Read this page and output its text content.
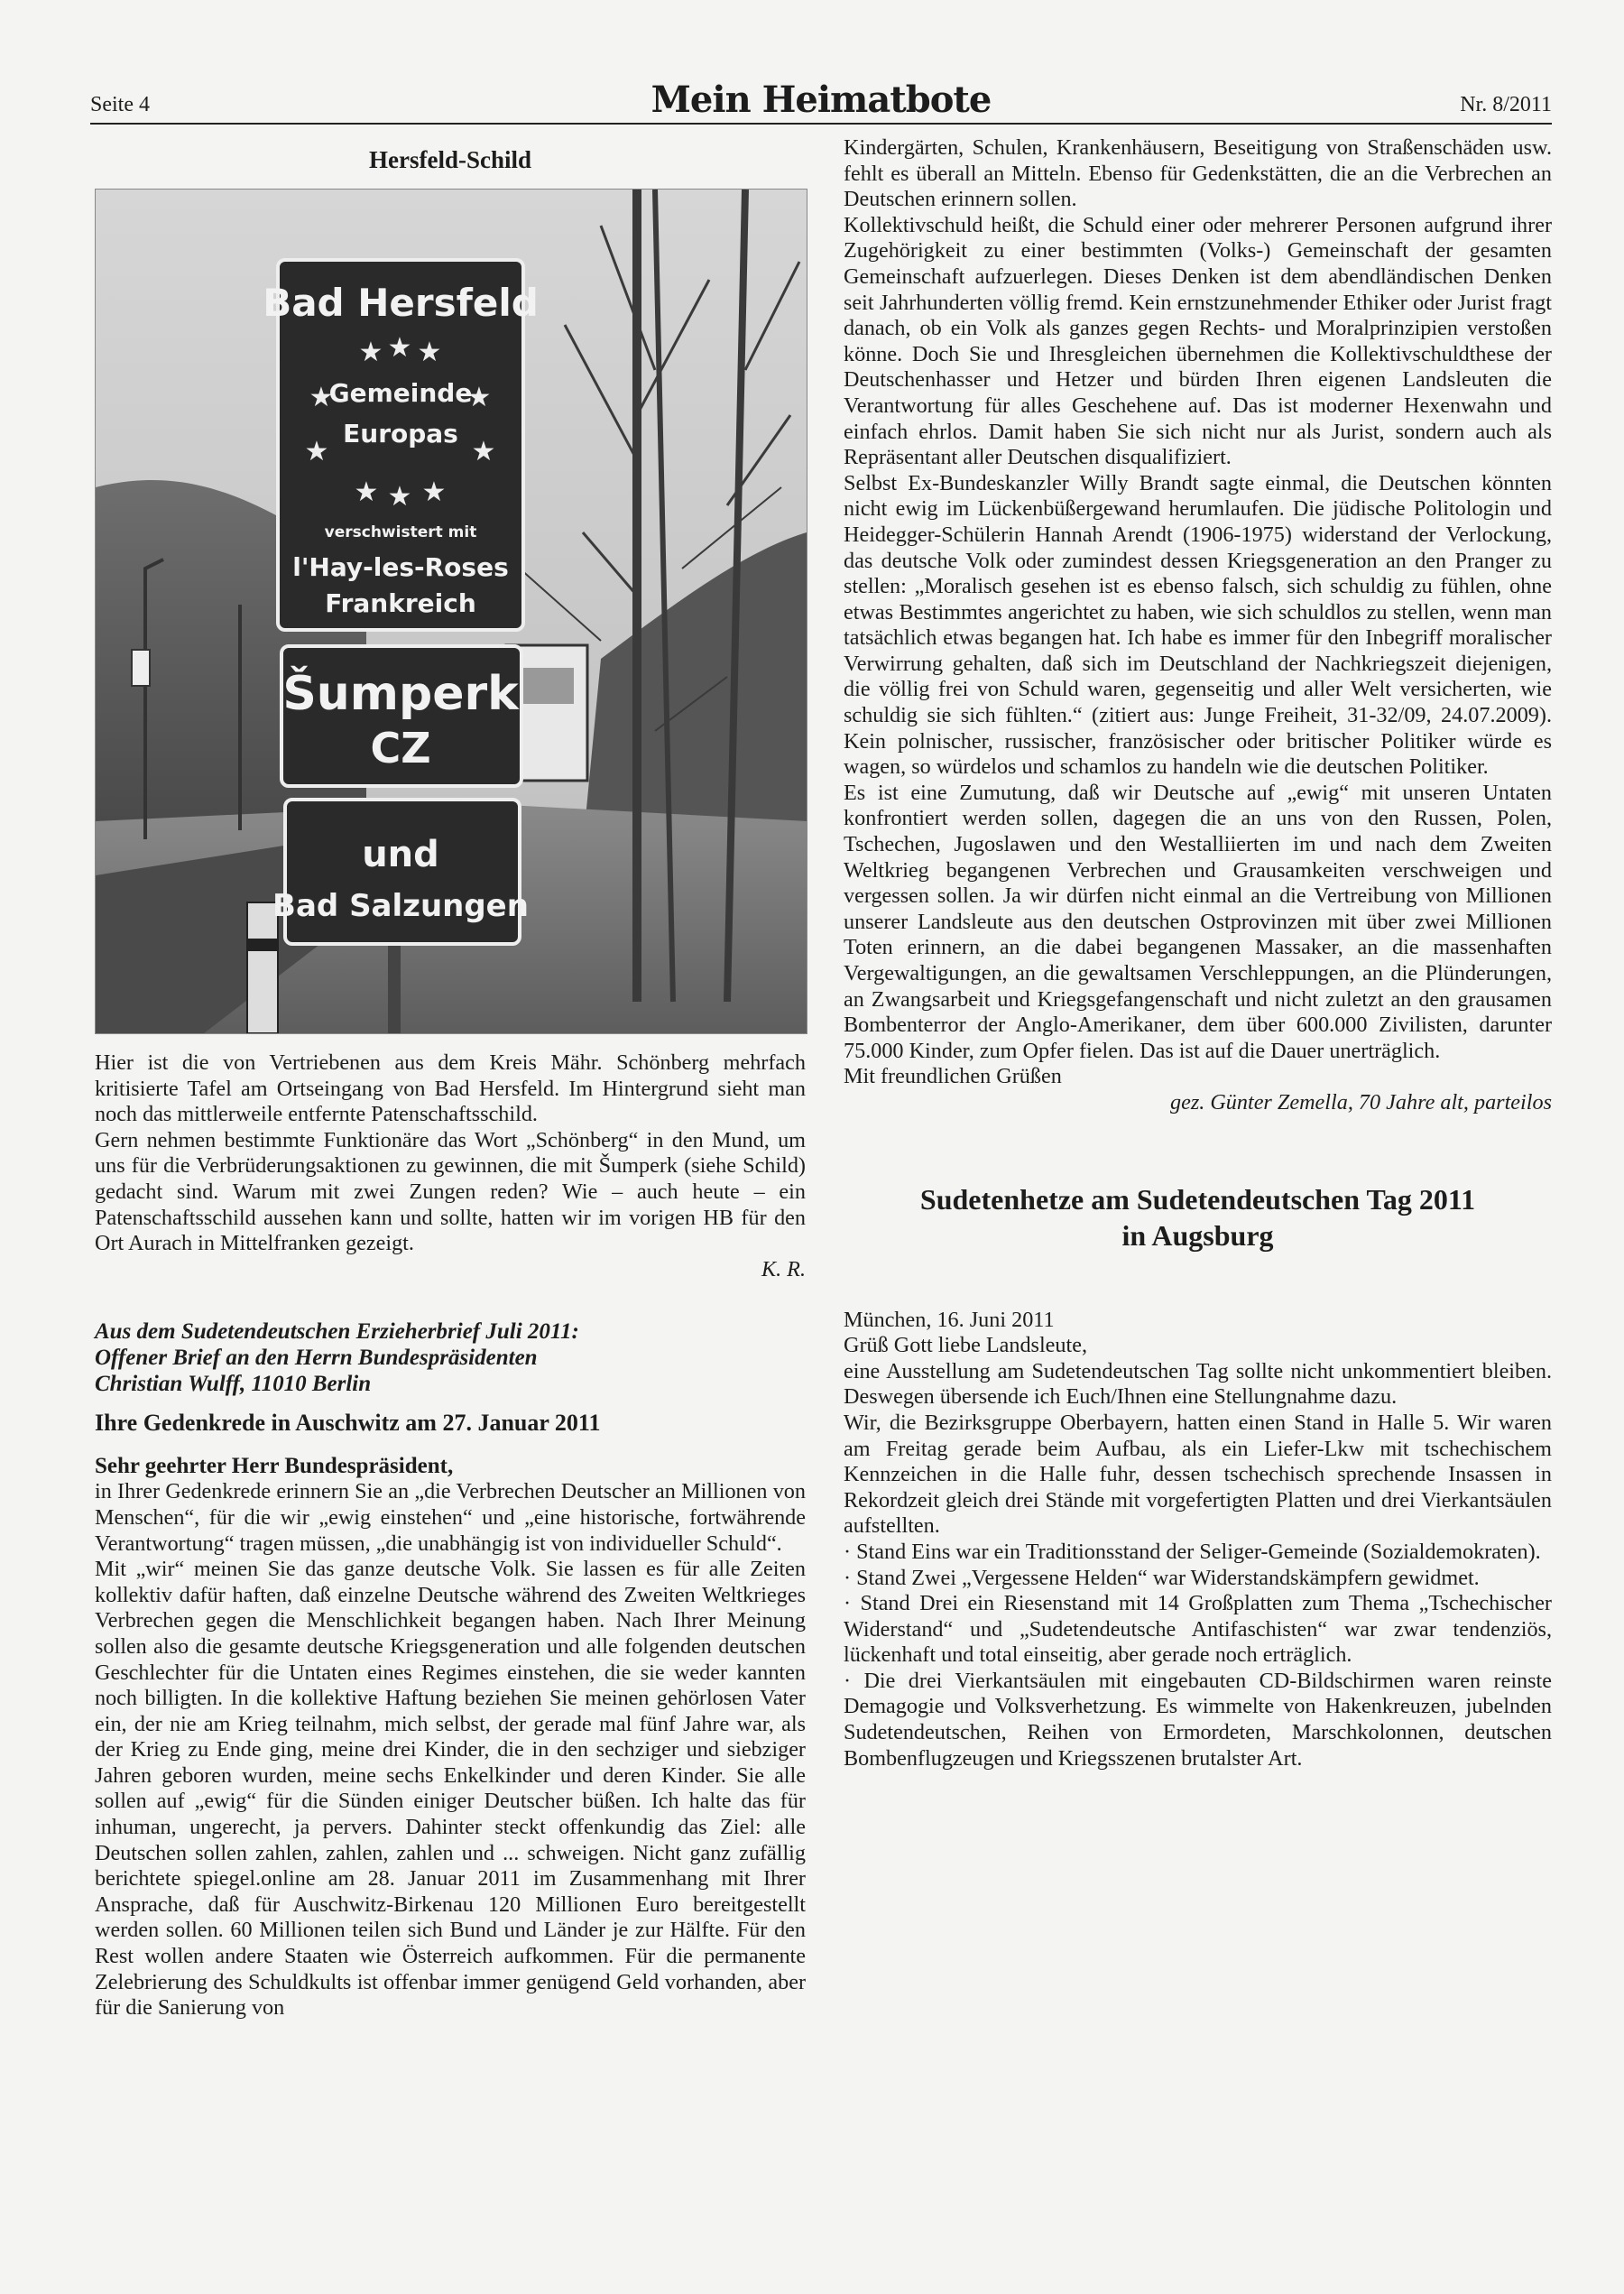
Seite 4	Mein Heimatbote	Nr. 8/2011
Hersfeld-Schild
★ ★ ★
★	★
★	★
★ ★ ★
Bad Hersfeld
Gemeinde
Europas
verschwistert mit
l'Hay-les-Roses
Frankreich
Šumperk
CZ
und
Bad Salzungen

Hier ist die von Vertriebenen aus dem Kreis Mähr. Schönberg mehrfach kritisierte Tafel am Ortseingang von Bad Hersfeld. Im Hintergrund sieht man noch das mittlerweile entfernte Patenschaftsschild.

Gern nehmen bestimmte Funktionäre das Wort „Schönberg“ in den Mund, um uns für die Verbrüderungsaktionen zu gewinnen, die mit Šumperk (siehe Schild) gedacht sind. Warum mit zwei Zungen reden? Wie – auch heute – ein Patenschaftsschild aussehen kann und sollte, hatten wir im vorigen HB für den Ort Aurach in Mittelfranken gezeigt.

K. R.

Aus dem Sudetendeutschen Erzieherbrief Juli 2011:
Offener Brief an den Herrn Bundespräsidenten
Christian Wulff, 11010 Berlin
Ihre Gedenkrede in Auschwitz am 27. Januar 2011

Sehr geehrter Herr Bundespräsident,

in Ihrer Gedenkrede erinnern Sie an „die Verbrechen Deutscher an Millionen von Menschen“, für die wir „ewig einstehen“ und „eine historische, fortwährende Verantwortung“ tragen müssen, „die unabhängig ist von individueller Schuld“.

Mit „wir“ meinen Sie das ganze deutsche Volk. Sie lassen es für alle Zeiten kollektiv dafür haften, daß einzelne Deutsche während des Zweiten Weltkrieges Verbrechen gegen die Menschlichkeit begangen haben. Nach Ihrer Meinung sollen also die gesamte deutsche Kriegsgeneration und alle folgenden deutschen Geschlechter für die Untaten eines Regimes einstehen, die sie weder kannten noch billigten. In die kollektive Haftung beziehen Sie meinen gehörlosen Vater ein, der nie am Krieg teilnahm, mich selbst, der gerade mal fünf Jahre war, als der Krieg zu Ende ging, meine drei Kinder, die in den sechziger und siebziger Jahren geboren wurden, meine sechs Enkelkinder und deren Kinder. Sie alle sollen auf „ewig“ für die Sünden einiger Deutscher büßen. Ich halte das für inhuman, ungerecht, ja pervers. Dahinter steckt offenkundig das Ziel: alle Deutschen sollen zahlen, zahlen, zahlen und ... schweigen. Nicht ganz zufällig berichtete spiegel.online am 28. Januar 2011 im Zusammenhang mit Ihrer Ansprache, daß für Auschwitz-Birkenau 120 Millionen Euro bereitgestellt werden sollen. 60 Millionen teilen sich Bund und Länder je zur Hälfte. Für den Rest wollen andere Staaten wie Österreich aufkommen. Für die permanente Zelebrierung des Schuldkults ist offenbar immer genügend Geld vorhanden, aber für die Sanierung von

Kindergärten, Schulen, Krankenhäusern, Beseitigung von Straßenschäden usw. fehlt es überall an Mitteln. Ebenso für Gedenkstätten, die an die Verbrechen an Deutschen erinnern sollen.

Kollektivschuld heißt, die Schuld einer oder mehrerer Personen aufgrund ihrer Zugehörigkeit zu einer bestimmten (Volks-) Gemeinschaft der gesamten Gemeinschaft aufzuerlegen. Dieses Denken ist dem abendländischen Denken seit Jahrhunderten völlig fremd. Kein ernstzunehmender Ethiker oder Jurist fragt danach, ob ein Volk als ganzes gegen Rechts- und Moralprinzipien verstoßen könne. Doch Sie und Ihresgleichen übernehmen die Kollektivschuldthese der Deutschenhasser und Hetzer und bürden Ihren eigenen Landsleuten die Verantwortung für alles Geschehene auf. Das ist moderner Hexenwahn und einfach ehrlos. Damit haben Sie sich nicht nur als Jurist, sondern auch als Repräsentant aller Deutschen disqualifiziert.

Selbst Ex-Bundeskanzler Willy Brandt sagte einmal, die Deutschen könnten nicht ewig im Lückenbüßergewand herumlaufen. Die jüdische Politologin und Heidegger-Schülerin Hannah Arendt (1906-1975) widerstand der Verlockung, das deutsche Volk oder zumindest dessen Kriegsgeneration an den Pranger zu stellen: „Moralisch gesehen ist es ebenso falsch, sich schuldig zu fühlen, ohne etwas Bestimmtes angerichtet zu haben, wie sich schuldlos zu stellen, wenn man tatsächlich etwas begangen hat. Ich habe es immer für den Inbegriff moralischer Verwirrung gehalten, daß sich im Deutschland der Nachkriegszeit diejenigen, die völlig frei von Schuld waren, gegenseitig und aller Welt versicherten, wie schuldig sie sich fühlten.“ (zitiert aus: Junge Freiheit, 31-32/09, 24.07.2009). Kein polnischer, russischer, französischer oder britischer Politiker würde es wagen, so würdelos und schamlos zu handeln wie die deutschen Politiker.

Es ist eine Zumutung, daß wir Deutsche auf „ewig“ mit unseren Untaten konfrontiert werden sollen, dagegen die an uns von den Russen, Polen, Tschechen, Jugoslawen und den Westalliierten im und nach dem Zweiten Weltkrieg begangenen Verbrechen und Grausamkeiten verschweigen und vergessen sollen. Ja wir dürfen nicht einmal an die Vertreibung von Millionen unserer Landsleute aus den deutschen Ostprovinzen mit über zwei Millionen Toten erinnern, an die dabei begangenen Massaker, an die massenhaften Vergewaltigungen, an die gewaltsamen Verschleppungen, an die Plünderungen, an Zwangsarbeit und Kriegsgefangenschaft und nicht zuletzt an den grausamen Bombenterror der Anglo-Amerikaner, dem über 600.000 Zivilisten, darunter 75.000 Kinder, zum Opfer fielen. Das ist auf die Dauer unerträglich.

Mit freundlichen Grüßen

gez. Günter Zemella, 70 Jahre alt, parteilos

Sudetenhetze am Sudetendeutschen Tag 2011
in Augsburg

München, 16. Juni 2011

Grüß Gott liebe Landsleute,

eine Ausstellung am Sudetendeutschen Tag sollte nicht unkommentiert bleiben. Deswegen übersende ich Euch/Ihnen eine Stellungnahme dazu.

Wir, die Bezirksgruppe Oberbayern, hatten einen Stand in Halle 5. Wir waren am Freitag gerade beim Aufbau, als ein Liefer-Lkw mit tschechischem Kennzeichen in die Halle fuhr, dessen tschechisch sprechende Insassen in Rekordzeit gleich drei Stände mit vorgefertigten Platten und drei Vierkantsäulen aufstellten.

· Stand Eins war ein Traditionsstand der Seliger-Gemeinde (Sozialdemokraten).

· Stand Zwei „Vergessene Helden“ war Widerstandskämpfern gewidmet.

· Stand Drei ein Riesenstand mit 14 Großplatten zum Thema „Tschechischer Widerstand“ und „Sudetendeutsche Antifaschisten“ war zwar tendenziös, lückenhaft und total einseitig, aber gerade noch erträglich.

· Die drei Vierkantsäulen mit eingebauten CD-Bildschirmen waren reinste Demagogie und Volksverhetzung. Es wimmelte von Hakenkreuzen, jubelnden Sudetendeutschen, Reihen von Ermordeten, Marschkolonnen, deutschen Bombenflugzeugen und Kriegsszenen brutalster Art.
